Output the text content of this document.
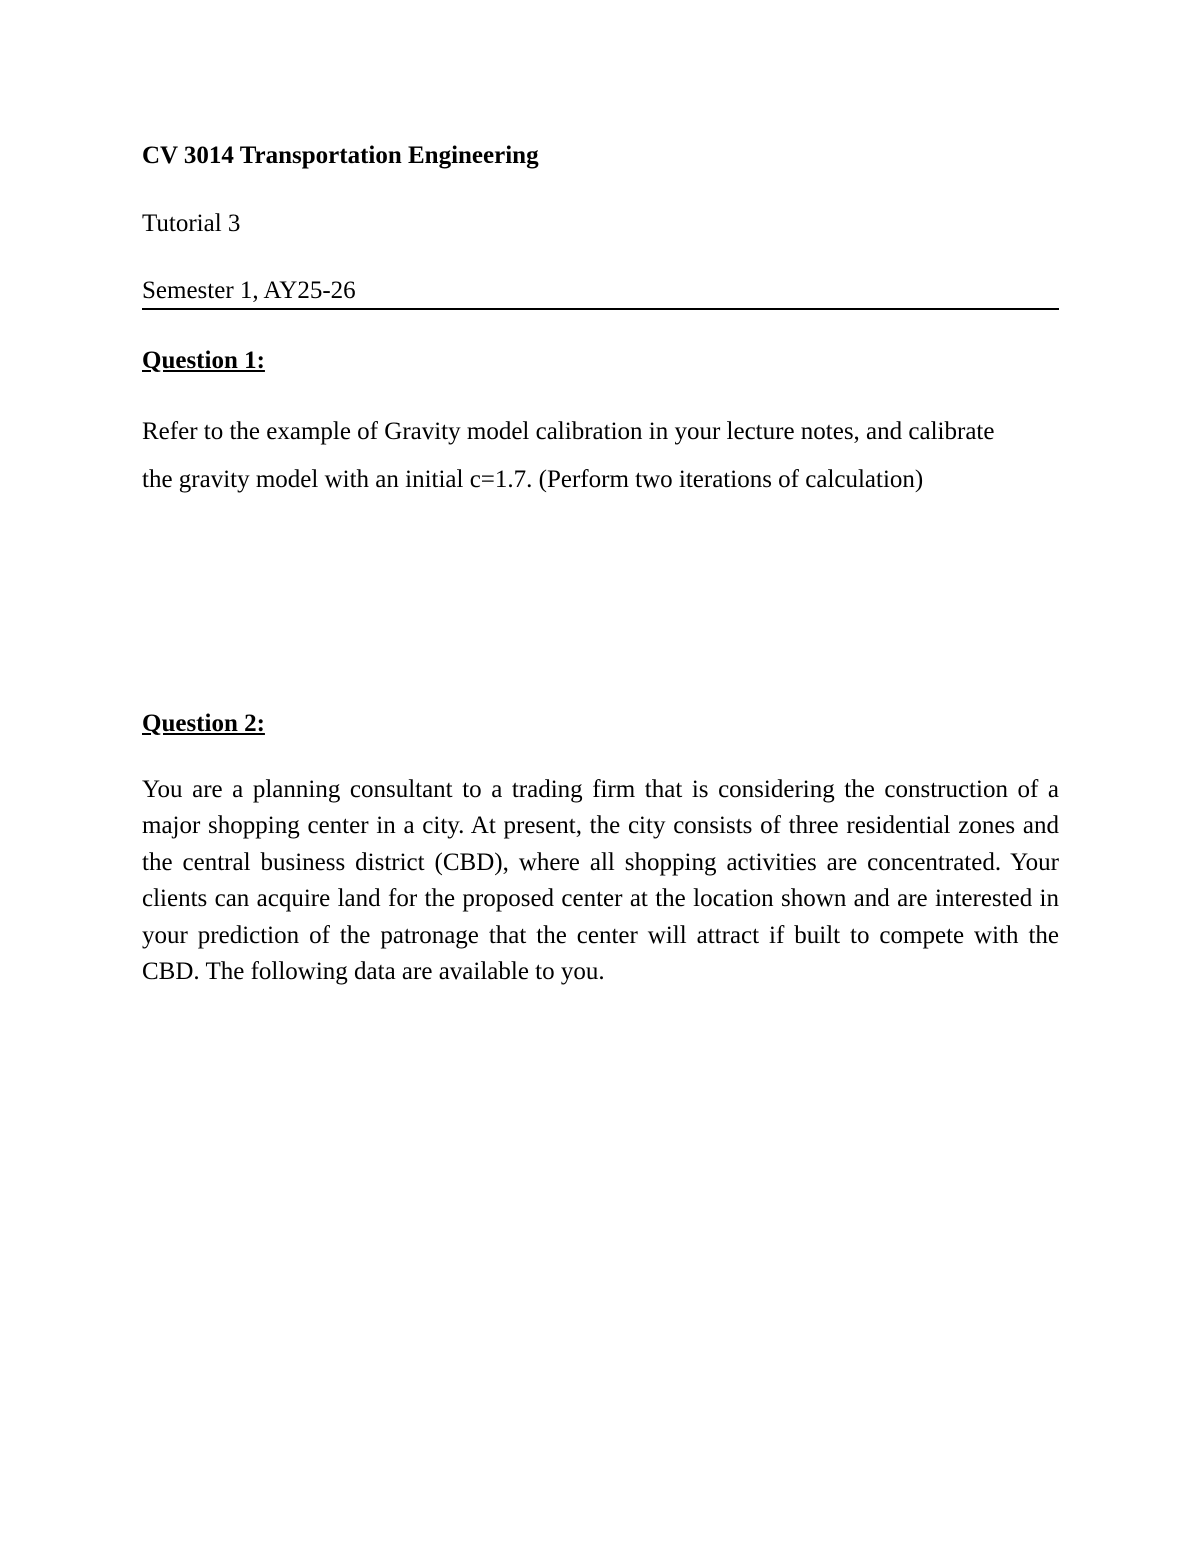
CV 3014 Transportation Engineering
Tutorial 3
Semester 1, AY25-26
Question 1:
Refer to the example of Gravity model calibration in your lecture notes, and calibrate the gravity model with an initial c=1.7. (Perform two iterations of calculation)
Question 2:
You are a planning consultant to a trading firm that is considering the construction of a major shopping center in a city. At present, the city consists of three residential zones and the central business district (CBD), where all shopping activities are concentrated. Your clients can acquire land for the proposed center at the location shown and are interested in your prediction of the patronage that the center will attract if built to compete with the CBD. The following data are available to you.
